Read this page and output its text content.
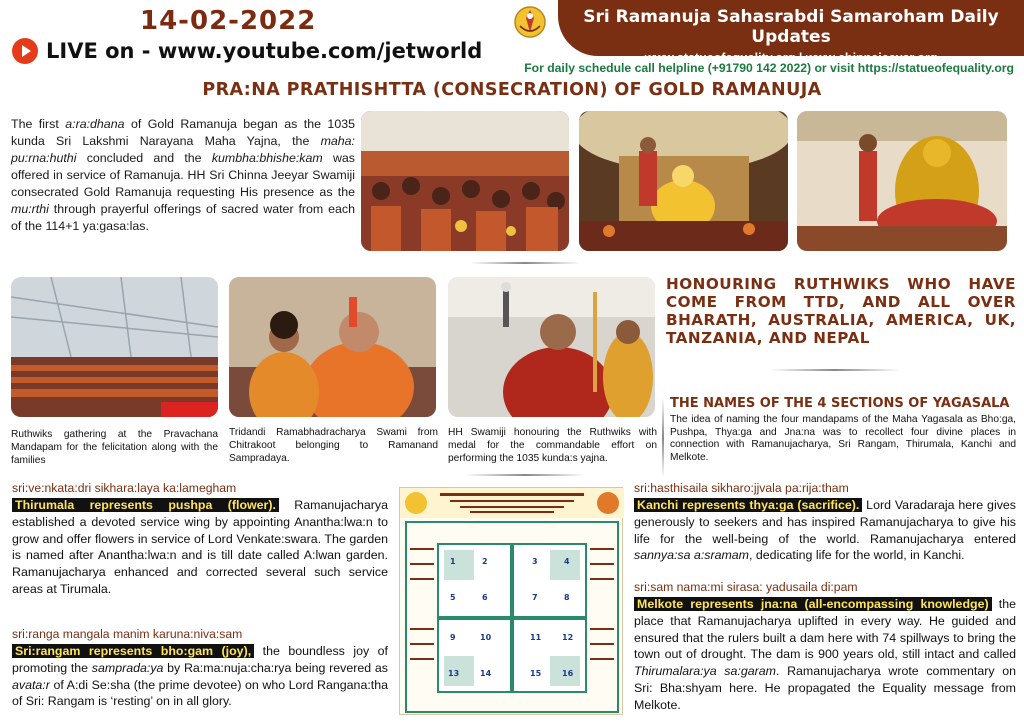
14-02-2022
LIVE on - www.youtube.com/jetworld
Sri Ramanuja Sahasrabdi Samaroham Daily Updates
www.statueofequality.org | www.chinnajeeyar.org
For daily schedule call helpline (+91790 142 2022) or visit https://statueofequality.org
PRA:NA PRATHISHTTA (CONSECRATION) OF GOLD RAMANUJA

The first a:ra:dhana of Gold Ramanuja began as the 1035 kunda Sri Lakshmi Narayana Maha Yajna, the maha: pu:rna:huthi concluded and the kumbha:bhishe:kam was offered in service of Ramanuja. HH Sri Chinna Jeeyar Swamiji consecrated Gold Ramanuja requesting His presence as the mu:rthi through prayerful offerings of sacred water from each of the 114+1 ya:gasa:las.

Ruthwiks gathering at the Pravachana Mandapam for the felicitation along with the families
Tridandi Ramabhadracharya Swami from Chitrakoot belonging to Ramanand Sampradaya.
HH Swamiji honouring the Ruthwiks with medal for the commandable effort on performing the 1035 kunda:s yajna.
HONOURING RUTHWIKS WHO HAVE COME FROM TTD, AND ALL OVER BHARATH, AUSTRALIA, AMERICA, UK, TANZANIA, AND NEPAL
THE NAMES OF THE 4 SECTIONS OF YAGASALA
The idea of naming the four mandapams of the Maha Yagasala as Bho:ga, Pushpa, Thya:ga and Jna:na was to recollect four divine places in connection with Ramanujacharya, Sri Rangam, Thirumala, Kanchi and Melkote.
sri:ve:nkata:dri sikhara:laya ka:lamegham

Thirumala represents pushpa (flower). Ramanujacharya established a devoted service wing by appointing Anantha:lwa:n to grow and offer flowers in service of Lord Venkate:swara. The garden is named after Anantha:lwa:n and is till date called A:lwan garden. Ramanujacharya enhanced and corrected several such service areas at Tirumala.

sri:ranga mangala manim karuna:niva:sam

Sri:rangam represents bho:gam (joy), the boundless joy of promoting the samprada:ya by Ra:ma:nuja:cha:rya being revered as avata:r of A:di Se:sha (the prime devotee) on who Lord Rangana:tha of Sri: Rangam is ‘resting’ on in all glory.

1	2	3	4
5	6	7	8
9	10	11	12
13	14	15	16
sri:hasthisaila sikharo:jjvala pa:rija:tham

Kanchi represents thya:ga (sacrifice). Lord Varadaraja here gives generously to seekers and has inspired Ramanujacharya to give his life for the well-being of the world. Ramanujacharya entered sannya:sa a:sramam, dedicating life for the world, in Kanchi.

sri:sam nama:mi sirasa: yadusaila di:pam

Melkote represents jna:na (all-encompassing knowledge) the place that Ramanujacharya uplifted in every way. He guided and ensured that the rulers built a dam here with 74 spillways to bring the town out of drought. The dam is 900 years old, still intact and called Thirumalara:ya sa:garam. Ramanujacharya wrote commentary on Sri: Bha:shyam here. He propagated the Equality message from Melkote.
